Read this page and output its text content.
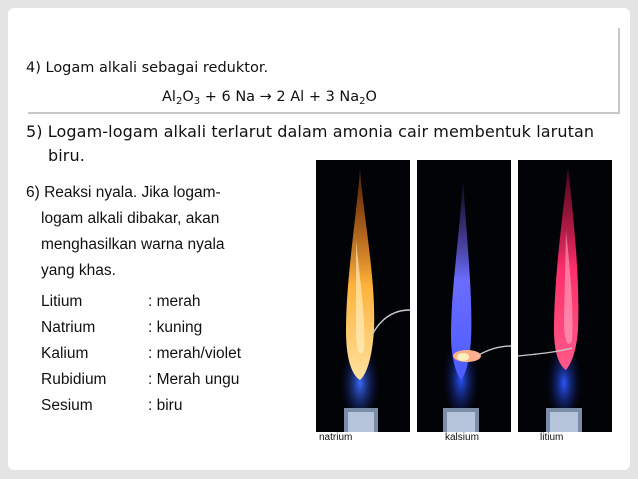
4) Logam alkali sebagai reduktor.
$Al_2O_3 + 6$ Na → 2 Al + 3 $Na_2O$
5) Logam-logam alkali terlarut dalam amonia cair membentuk larutan
biru.
6) Reaksi nyala. Jika logam-
logam alkali dibakar, akan
menghasilkan warna nyala
yang khas.
Litium	: merah
Natrium	: kuning
Kalium	: merah/violet
Rubidium	: Merah ungu
Sesium	: biru
natrium	kalsium	litium
